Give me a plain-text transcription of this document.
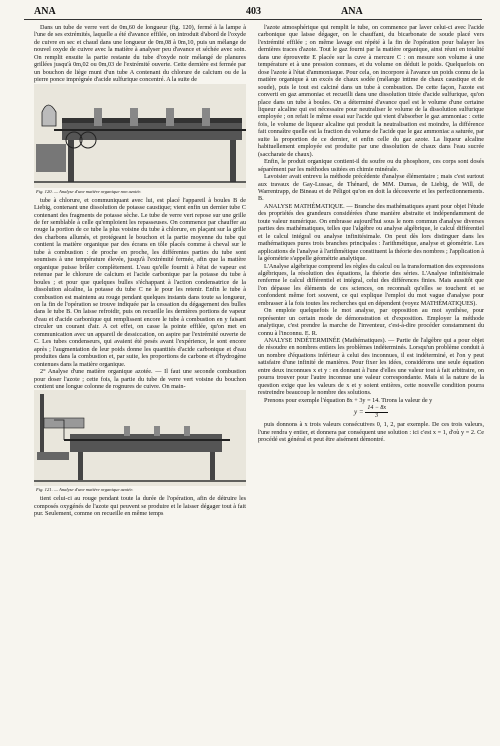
ANA	403	ANA

Dans un tube de verre vert de 0m,60 de longueur (fig. 120), fermé à la lampe à l'une de ses extrémités, laquelle a été d'avance effilée, on introduit d'abord de l'oxyde de cuivre en sec et chaud dans une longueur de 0m,08 à 0m,10, puis un mélange de nouvel oxyde de cuivre avec la matière à analyser peu d'avance et séchée avec soin. On remplit ensuite la partie restante du tube d'oxyde noir mélangé de planures grillées jusqu'à 0m,02 ou 0m,03 de l'extrémité ouverte. Cette dernière est fermée par un bouchon de liège muni d'un tube A contenant du chlorure de calcium ou de la pierre ponce imprégnée d'acide sulfurique concentré. A la suite de

Fig. 120. — Analyse d'une matière organique non azotée.

tube à chlorure, et communiquant avec lui, est placé l'appareil à boules B de Liebig, contenant une dissolution de potasse caustique; vient enfin un dernier tube C contenant des fragments de potasse sèche. Le tube de verre vert repose sur une grille de fer semblable à celle qu'emploient les repasseuses. On commence par chauffer au rouge la portion de ce tube la plus voisine du tube à chlorure, en plaçant sur la grille des charbons allumés, et protégeant le bouchon et la partie moyenne du tube qui contient la matière organique par des écrans en tôle placés comme à cheval sur le tube à combustion : de proche en proche, les différentes parties du tube sont soumises à une température élevée, jusqu'à l'extrémité fermée, afin que la matière organique puisse brûler complètement. L'eau qu'elle fournit à l'état de vapeur est retenue par le chlorure de calcium et l'acide carbonique par la potasse du tube à boules ; et pour que quelques bulles s'échappant à l'action condensatrice de la dissolution alcaline, la potasse du tube C ne le pour les retenir. Enfin le tube à combustion est maintenu au rouge pendant quelques instants dans toute sa longueur, on la fin de l'opération se trouve indiquée par la cessation du dégagement des bulles dans le tube B. On laisse refroidir, puis on recueille les dernières portions de vapeur d'eau et d'acide carbonique qui remplissent encore le tube à combustion en y faisant circuler un courant d'air. A cet effet, on casse la pointe effilée, qu'on met en communication avec un appareil de dessiccation, on aspire par l'extrémité ouverte de C. Les tubes condenseurs, qui avaient été pesés avant l'expérience, le sont encore après ; l'augmentation de leur poids donne les quantités d'acide carbonique et d'eau produites dans la combustion et, par suite, les proportions de carbone et d'hydrogène contenues dans la matière organique.

2° Analyse d'une matière organique azotée. — Il faut une seconde combustion pour doser l'azote ; cette fois, la partie du tube de verre vert voisine du bouchon contient une longue colonne de rognures de cuivre. On main-

Fig. 121. — Analyse d'une matière organique azotée.

tient celui-ci au rouge pendant toute la durée de l'opération, afin de détruire les composés oxygénés de l'azote qui peuvent se produire et le laisser dégager tout à fait pur. Seulement, comme on recueille en même temps

l'azote atmosphérique qui remplit le tube, on commence par laver celui-ci avec l'acide carbonique que laisse dégager, on le chauffant, du bicarbonate de soude placé vers l'extrémité effilée ; on même lavage est répété à la fin de l'opération pour balayer les dernières traces d'azote. Tout le gaz fourni par la matière organique, ainsi réuni en totalité dans une éprouvette E placée sur la cuve à mercure C : on mesure son volume à une température et à une pression connues, et du volume on déduit le poids. Quelquefois on dose l'azote à l'état d'ammoniaque. Pour cela, on incorpore à l'avance un poids connu de la matière organique à un excès de chaux sodée (mélange intime de chaux caustique et de soude), puis le tout est calciné dans un tube à combustion. De cette façon, l'azote est converti en gaz ammoniac et recueilli dans une dissolution titrée d'acide sulfurique, qu'on place dans un tube à boules. On a déterminé d'avance quel est le volume d'une certaine liqueur alcaline qui est nécessaire pour neutraliser le volume de la dissolution sulfurique employée ; on refait le même essai sur l'acide qui vient d'absorber le gaz ammoniac : cette fois, le volume de liqueur alcaline qui produit la neutralisation est moindre, la différence fait connaître quelle est la fraction du volume de l'acide que le gaz ammoniac a saturée, par suite la proportion de ce dernier, et enfin celle du gaz azote. La liqueur alcaline habituellement employée est produite par une dissolution de chaux dans l'eau sucrée (saccharate de chaux).

Enfin, le produit organique contient-il du soufre ou du phosphore, ces corps sont dosés séparément par les méthodes usitées en chimie minérale.

Lavoisier avait entrevu la méthode précédente d'analyse élémentaire ; mais c'est surtout aux travaux de Gay-Lussac, de Thénard, de MM. Dumas, de Liebig, de Will, de Warrentrapp, de Bineau et de Péligot qu'on en doit la découverte et les perfectionnements. B.

ANALYSE MATHÉMATIQUE. — Branche des mathématiques ayant pour objet l'étude des propriétés des grandeurs considérées d'une manière abstraite et indépendamment de toute valeur numérique. On embrasse aujourd'hui sous le nom commun d'analyse diverses parties des mathématiques, telles que l'algèbre ou analyse algébrique, le calcul différentiel et le calcul intégral ou analyse infinitésimale. On peut dès lors distinguer dans les mathématiques pures trois branches principales : l'arithmétique, analyse et géométrie. Les applications de l'analyse à l'arithmétique constituent la théorie des nombres ; l'application à la géométrie s'appelle géométrie analytique.

L'Analyse algébrique comprend les règles du calcul ou la transformation des expressions algébriques, la résolution des équations, la théorie des séries. L'Analyse infinitésimale renferme le calcul différentiel et intégral, celui des différences finies. Mais aussitôt que l'on dépasse les éléments de ces sciences, on reconnaît qu'elles se touchent et se confondent même fort souvent, ce qui explique l'emploi du mot vague d'analyse pour embrasser à la fois toutes les recherches qui en dépendent (voyez MATHÉMATIQUES).

On emploie quelquefois le mot analyse, par opposition au mot synthèse, pour représenter un certain mode de démonstration et d'exposition. Employer la méthode analytique, c'est prendre la marche de l'inventeur, c'est-à-dire procéder constamment du connu à l'inconnu. E. R.

ANALYSE INDÉTERMINÉE (Mathématiques). — Partie de l'algèbre qui a pour objet de résoudre en nombres entiers les problèmes indéterminés. Lorsqu'un problème conduit à un nombre d'équations inférieur à celui des inconnues, il est indéterminé, et l'on y peut satisfaire d'une infinité de manières. Pour fixer les idées, considérons une seule équation entre deux inconnues x et y : en donnant à l'une d'elles une valeur tout à fait arbitraire, on pourra trouver pour l'autre inconnue une valeur correspondante. Mais si la nature de la question exige que les valeurs de x et y soient entières, cette nouvelle condition pourra restreindre beaucoup le nombre des solutions.

Prenons pour exemple l'équation 8x + 3y = 14. Tirons la valeur de y

$y = \frac{14 - 8x}{3}$

puis donnons à x trois valeurs consécutives 0, 1, 2, par exemple. De ces trois valeurs, l'une rendra y entier, et donnera par conséquent une solution : ici c'est x = 1, d'où y = 2. Ce procédé est général et peut être aisément démontré.
